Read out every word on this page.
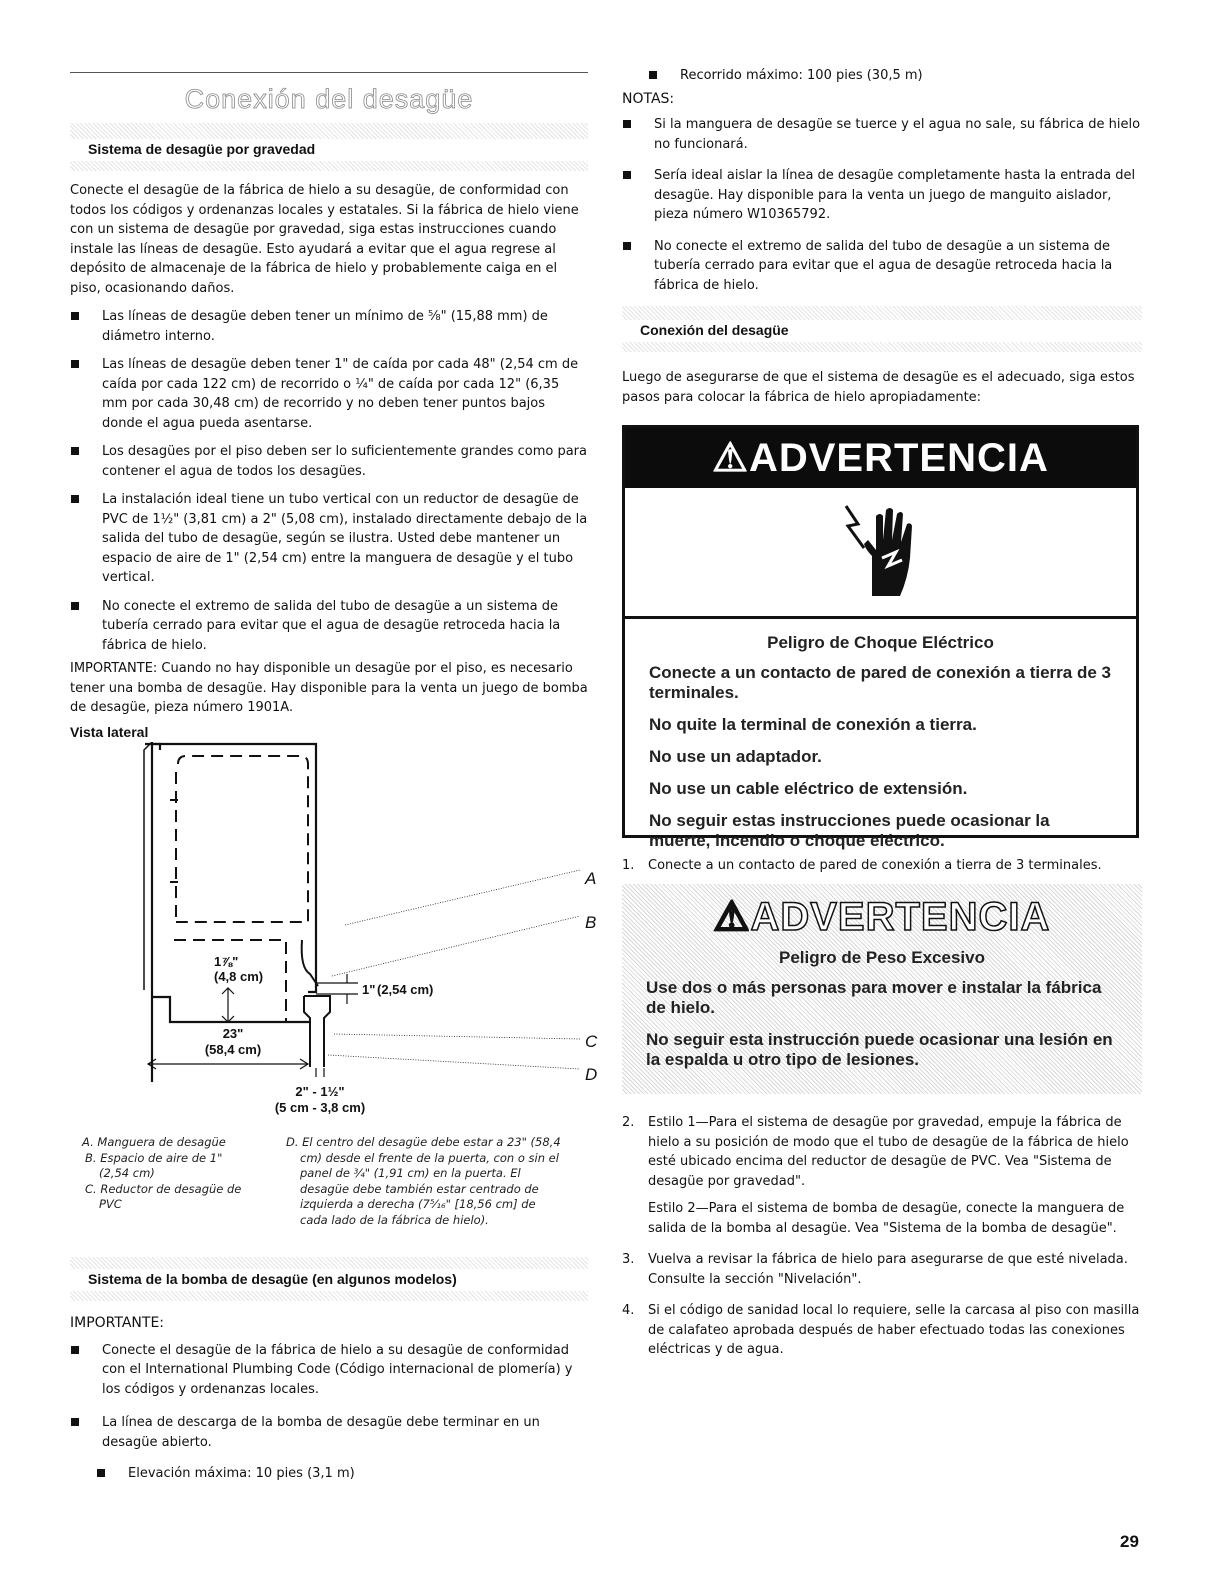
Conexión del desagüe
Sistema de desagüe por gravedad

Conecte el desagüe de la fábrica de hielo a su desagüe, de conformidad con todos los códigos y ordenanzas locales y estatales. Si la fábrica de hielo viene con un sistema de desagüe por gravedad, siga estas instrucciones cuando instale las líneas de desagüe. Esto ayudará a evitar que el agua regrese al depósito de almacenaje de la fábrica de hielo y probablemente caiga en el piso, ocasionando daños.

Las líneas de desagüe deben tener un mínimo de ⅝" (15,88 mm) de diámetro interno.
Las líneas de desagüe deben tener 1" de caída por cada 48" (2,54 cm de caída por cada 122 cm) de recorrido o ¼" de caída por cada 12" (6,35 mm por cada 30,48 cm) de recorrido y no deben tener puntos bajos donde el agua pueda asentarse.
Los desagües por el piso deben ser lo suficientemente grandes como para contener el agua de todos los desagües.
La instalación ideal tiene un tubo vertical con un reductor de desagüe de PVC de 1½" (3,81 cm) a 2" (5,08 cm), instalado directamente debajo de la salida del tubo de desagüe, según se ilustra. Usted debe mantener un espacio de aire de 1" (2,54 cm) entre la manguera de desagüe y el tubo vertical.
No conecte el extremo de salida del tubo de desagüe a un sistema de tubería cerrado para evitar que el agua de desagüe retroceda hacia la fábrica de hielo.

IMPORTANTE: Cuando no hay disponible un desagüe por el piso, es necesario tener una bomba de desagüe. Hay disponible para la venta un juego de bomba de desagüe, pieza número 1901A.

Vista lateral
A
B
C
D
1" (2,54 cm)
1⅞"
(4,8 cm)
23"
(58,4 cm)
2" - 1½"
(5 cm - 3,8 cm)
A. Manguera de desagüe
B. Espacio de aire de 1"
(2,54 cm)
C. Reductor de desagüe de
PVC
D. El centro del desagüe debe estar a 23" (58,4
cm) desde el frente de la puerta, con o sin el
panel de ¾" (1,91 cm) en la puerta. El
desagüe debe también estar centrado de
izquierda a derecha (7⁵⁄₁₆" [18,56 cm] de
cada lado de la fábrica de hielo).
Sistema de la bomba de desagüe (en algunos modelos)

IMPORTANTE:

Conecte el desagüe de la fábrica de hielo a su desagüe de conformidad con el International Plumbing Code (Código internacional de plomería) y los códigos y ordenanzas locales.
La línea de descarga de la bomba de desagüe debe terminar en un desagüe abierto.
Elevación máxima: 10 pies (3,1 m)
Recorrido máximo: 100 pies (30,5 m)

NOTAS:

Si la manguera de desagüe se tuerce y el agua no sale, su fábrica de hielo no funcionará.
Sería ideal aislar la línea de desagüe completamente hasta la entrada del desagüe. Hay disponible para la venta un juego de manguito aislador, pieza número W10365792.
No conecte el extremo de salida del tubo de desagüe a un sistema de tubería cerrado para evitar que el agua de desagüe retroceda hacia la fábrica de hielo.
Conexión del desagüe

Luego de asegurarse de que el sistema de desagüe es el adecuado, siga estos pasos para colocar la fábrica de hielo apropiadamente:

⚠ADVERTENCIA
Peligro de Choque Eléctrico
Conecte a un contacto de pared de conexión a tierra de 3 terminales.
No quite la terminal de conexión a tierra.
No use un adaptador.
No use un cable eléctrico de extensión.
No seguir estas instrucciones puede ocasionar la muerte, incendio o choque eléctrico.
1. Conecte a un contacto de pared de conexión a tierra de 3 terminales.
⚠ADVERTENCIA
Peligro de Peso Excesivo
Use dos o más personas para mover e instalar la fábrica de hielo.
No seguir esta instrucción puede ocasionar una lesión en la espalda u otro tipo de lesiones.
2. Estilo 1—Para el sistema de desagüe por gravedad, empuje la fábrica de hielo a su posición de modo que el tubo de desagüe de la fábrica de hielo esté ubicado encima del reductor de desagüe de PVC. Vea "Sistema de desagüe por gravedad".
Estilo 2—Para el sistema de bomba de desagüe, conecte la manguera de salida de la bomba al desagüe. Vea "Sistema de la bomba de desagüe".
3. Vuelva a revisar la fábrica de hielo para asegurarse de que esté nivelada. Consulte la sección "Nivelación".
4. Si el código de sanidad local lo requiere, selle la carcasa al piso con masilla de calafateo aprobada después de haber efectuado todas las conexiones eléctricas y de agua.
29
